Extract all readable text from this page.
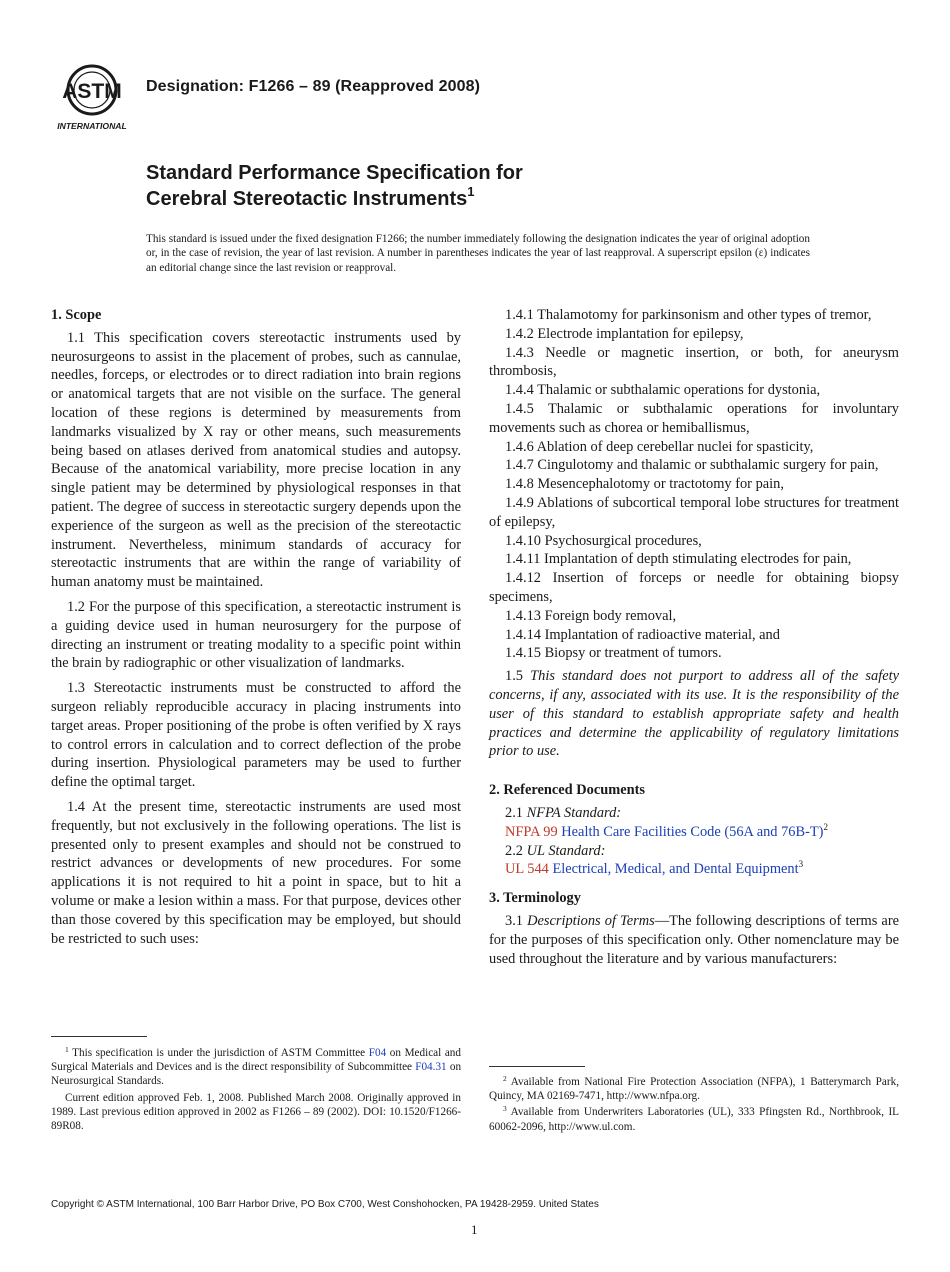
ASTM
INTERNATIONAL
Designation: F1266 – 89 (Reapproved 2008)
Standard Performance Specification for
Cerebral Stereotactic Instruments$^1$
This standard is issued under the fixed designation F1266; the number immediately following the designation indicates the year of original adoption or, in the case of revision, the year of last revision. A number in parentheses indicates the year of last reapproval. A superscript epsilon (ε) indicates an editorial change since the last revision or reapproval.
1. Scope

1.1 This specification covers stereotactic instruments used by neurosurgeons to assist in the placement of probes, such as cannulae, needles, forceps, or electrodes or to direct radiation into brain regions or anatomical targets that are not visible on the surface. The general location of these regions is determined by measurements from landmarks visualized by X ray or other means, such measurements being based on atlases derived from anatomical studies and autopsy. Because of the anatomical variability, more precise location in any single patient may be determined by physiological responses in that patient. The degree of success in stereotactic surgery depends upon the experience of the surgeon as well as the precision of the stereotactic instrument. Nevertheless, minimum standards of accuracy for stereotactic instruments that are within the range of variability of human anatomy must be maintained.

1.2 For the purpose of this specification, a stereotactic instrument is a guiding device used in human neurosurgery for the purpose of directing an instrument or treating modality to a specific point within the brain by radiographic or other visualization of landmarks.

1.3 Stereotactic instruments must be constructed to afford the surgeon reliably reproducible accuracy in placing instruments into target areas. Proper positioning of the probe is often verified by X rays to control errors in calculation and to correct deflection of the probe during insertion. Physiological parameters may be used to further define the optimal target.

1.4 At the present time, stereotactic instruments are used most frequently, but not exclusively in the following operations. The list is presented only to present examples and should not be construed to restrict advances or developments of new procedures. For some applications it is not required to hit a point in space, but to hit a volume or make a lesion within a mass. For that purpose, devices other than those covered by this specification may be employed, but should be restricted to such uses:

1.4.1 Thalamotomy for parkinsonism and other types of tremor,

1.4.2 Electrode implantation for epilepsy,

1.4.3 Needle or magnetic insertion, or both, for aneurysm thrombosis,

1.4.4 Thalamic or subthalamic operations for dystonia,

1.4.5 Thalamic or subthalamic operations for involuntary movements such as chorea or hemiballismus,

1.4.6 Ablation of deep cerebellar nuclei for spasticity,

1.4.7 Cingulotomy and thalamic or subthalamic surgery for pain,

1.4.8 Mesencephalotomy or tractotomy for pain,

1.4.9 Ablations of subcortical temporal lobe structures for treatment of epilepsy,

1.4.10 Psychosurgical procedures,

1.4.11 Implantation of depth stimulating electrodes for pain,

1.4.12 Insertion of forceps or needle for obtaining biopsy specimens,

1.4.13 Foreign body removal,

1.4.14 Implantation of radioactive material, and

1.4.15 Biopsy or treatment of tumors.

1.5 This standard does not purport to address all of the safety concerns, if any, associated with its use. It is the responsibility of the user of this standard to establish appropriate safety and health practices and determine the applicability of regulatory limitations prior to use.

2. Referenced Documents
2.1 NFPA Standard:
NFPA 99 Health Care Facilities Code (56A and 76B-T)$^2$
2.2 UL Standard:
UL 544 Electrical, Medical, and Dental Equipment$^3$
3. Terminology

3.1 Descriptions of Terms—The following descriptions of terms are for the purposes of this specification only. Other nomenclature may be used throughout the literature and by various manufacturers:

$^1$ This specification is under the jurisdiction of ASTM Committee F04 on Medical and Surgical Materials and Devices and is the direct responsibility of Subcommittee F04.31 on Neurosurgical Standards.

Current edition approved Feb. 1, 2008. Published March 2008. Originally approved in 1989. Last previous edition approved in 2002 as F1266 – 89 (2002). DOI: 10.1520/F1266-89R08.

$^2$ Available from National Fire Protection Association (NFPA), 1 Batterymarch Park, Quincy, MA 02169-7471, http://www.nfpa.org.

$^3$ Available from Underwriters Laboratories (UL), 333 Pfingsten Rd., Northbrook, IL 60062-2096, http://www.ul.com.

Copyright © ASTM International, 100 Barr Harbor Drive, PO Box C700, West Conshohocken, PA 19428-2959. United States
1
